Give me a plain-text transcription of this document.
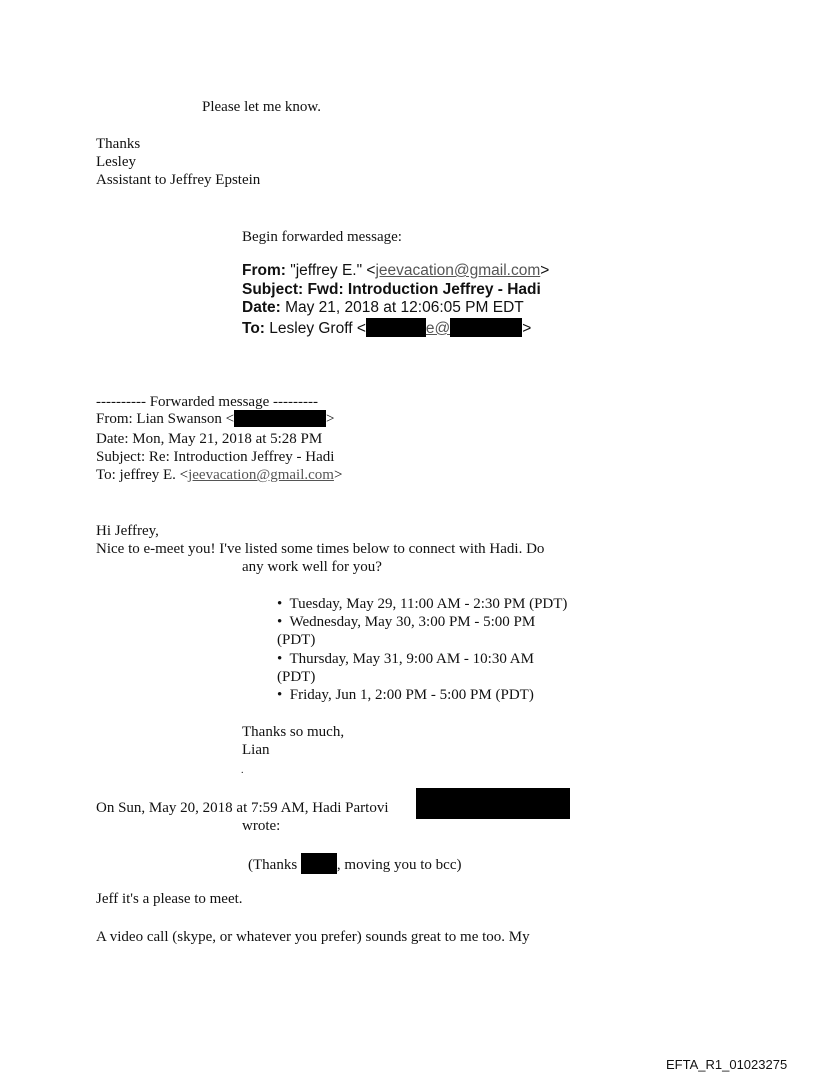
Please let me know.
Thanks
Lesley
Assistant to Jeffrey Epstein
Begin forwarded message:
From: "jeffrey E." <jeevacation@gmail.com>
Subject: Fwd: Introduction Jeffrey - Hadi
Date: May 21, 2018 at 12:06:05 PM EDT
To: Lesley Groff <	e@	>
---------- Forwarded message ---------
From: Lian Swanson <	>
Date: Mon, May 21, 2018 at 5:28 PM
Subject: Re: Introduction Jeffrey - Hadi
To: jeffrey E. <jeevacation@gmail.com>
Hi Jeffrey,
Nice to e-meet you! I've listed some times below to connect with Hadi. Do
any work well for you?
•  Tuesday, May 29, 11:00 AM - 2:30 PM (PDT)
•  Wednesday, May 30, 3:00 PM - 5:00 PM
(PDT)
•  Thursday, May 31, 9:00 AM - 10:30 AM
(PDT)
•  Friday, Jun 1, 2:00 PM - 5:00 PM (PDT)
Thanks so much,
Lian
.
On Sun, May 20, 2018 at 7:59 AM, Hadi Partovi
wrote:
(Thanks	, moving you to bcc)
Jeff it's a please to meet.
A video call (skype, or whatever you prefer) sounds great to me too. My
EFTA_R1_01023275
